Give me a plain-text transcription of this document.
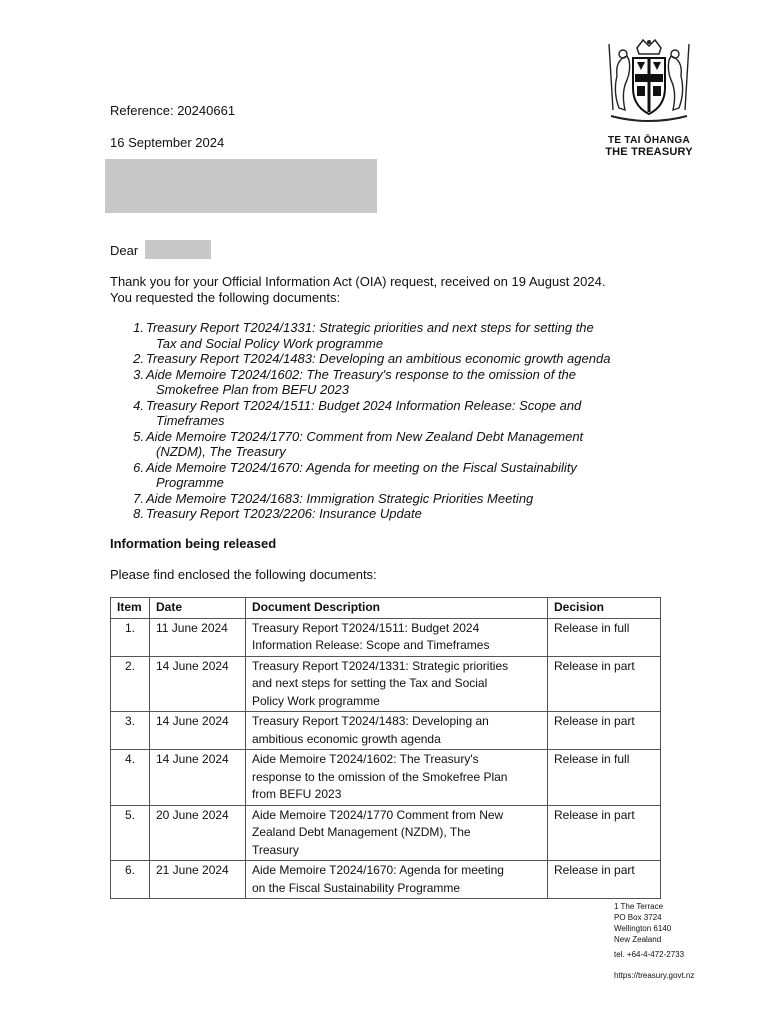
TE TAI ŌHANGA
THE TREASURY
Reference: 20240661
16 September 2024
Dear
Thank you for your Official Information Act (OIA) request, received on 19 August 2024.
You requested the following documents:
1. Treasury Report T2024/1331: Strategic priorities and next steps for setting the
Tax and Social Policy Work programme
2. Treasury Report T2024/1483: Developing an ambitious economic growth agenda
3. Aide Memoire T2024/1602: The Treasury's response to the omission of the
Smokefree Plan from BEFU 2023
4. Treasury Report T2024/1511: Budget 2024 Information Release: Scope and
Timeframes
5. Aide Memoire T2024/1770: Comment from New Zealand Debt Management
(NZDM), The Treasury
6. Aide Memoire T2024/1670: Agenda for meeting on the Fiscal Sustainability
Programme
7. Aide Memoire T2024/1683: Immigration Strategic Priorities Meeting
8. Treasury Report T2023/2206: Insurance Update
Information being released
Please find enclosed the following documents:
Item	Date	Document Description	Decision
1.	11 June 2024	Treasury Report T2024/1511: Budget 2024
Information Release: Scope and Timeframes	Release in full
2.	14 June 2024	Treasury Report T2024/1331: Strategic priorities
and next steps for setting the Tax and Social
Policy Work programme	Release in part
3.	14 June 2024	Treasury Report T2024/1483: Developing an
ambitious economic growth agenda	Release in part
4.	14 June 2024	Aide Memoire T2024/1602: The Treasury's
response to the omission of the Smokefree Plan
from BEFU 2023	Release in full
5.	20 June 2024	Aide Memoire T2024/1770 Comment from New
Zealand Debt Management (NZDM), The
Treasury	Release in part
6.	21 June 2024	Aide Memoire T2024/1670: Agenda for meeting
on the Fiscal Sustainability Programme	Release in part
1 The Terrace
PO Box 3724
Wellington 6140
New Zealand
tel. +64-4-472-2733
https://treasury.govt.nz
